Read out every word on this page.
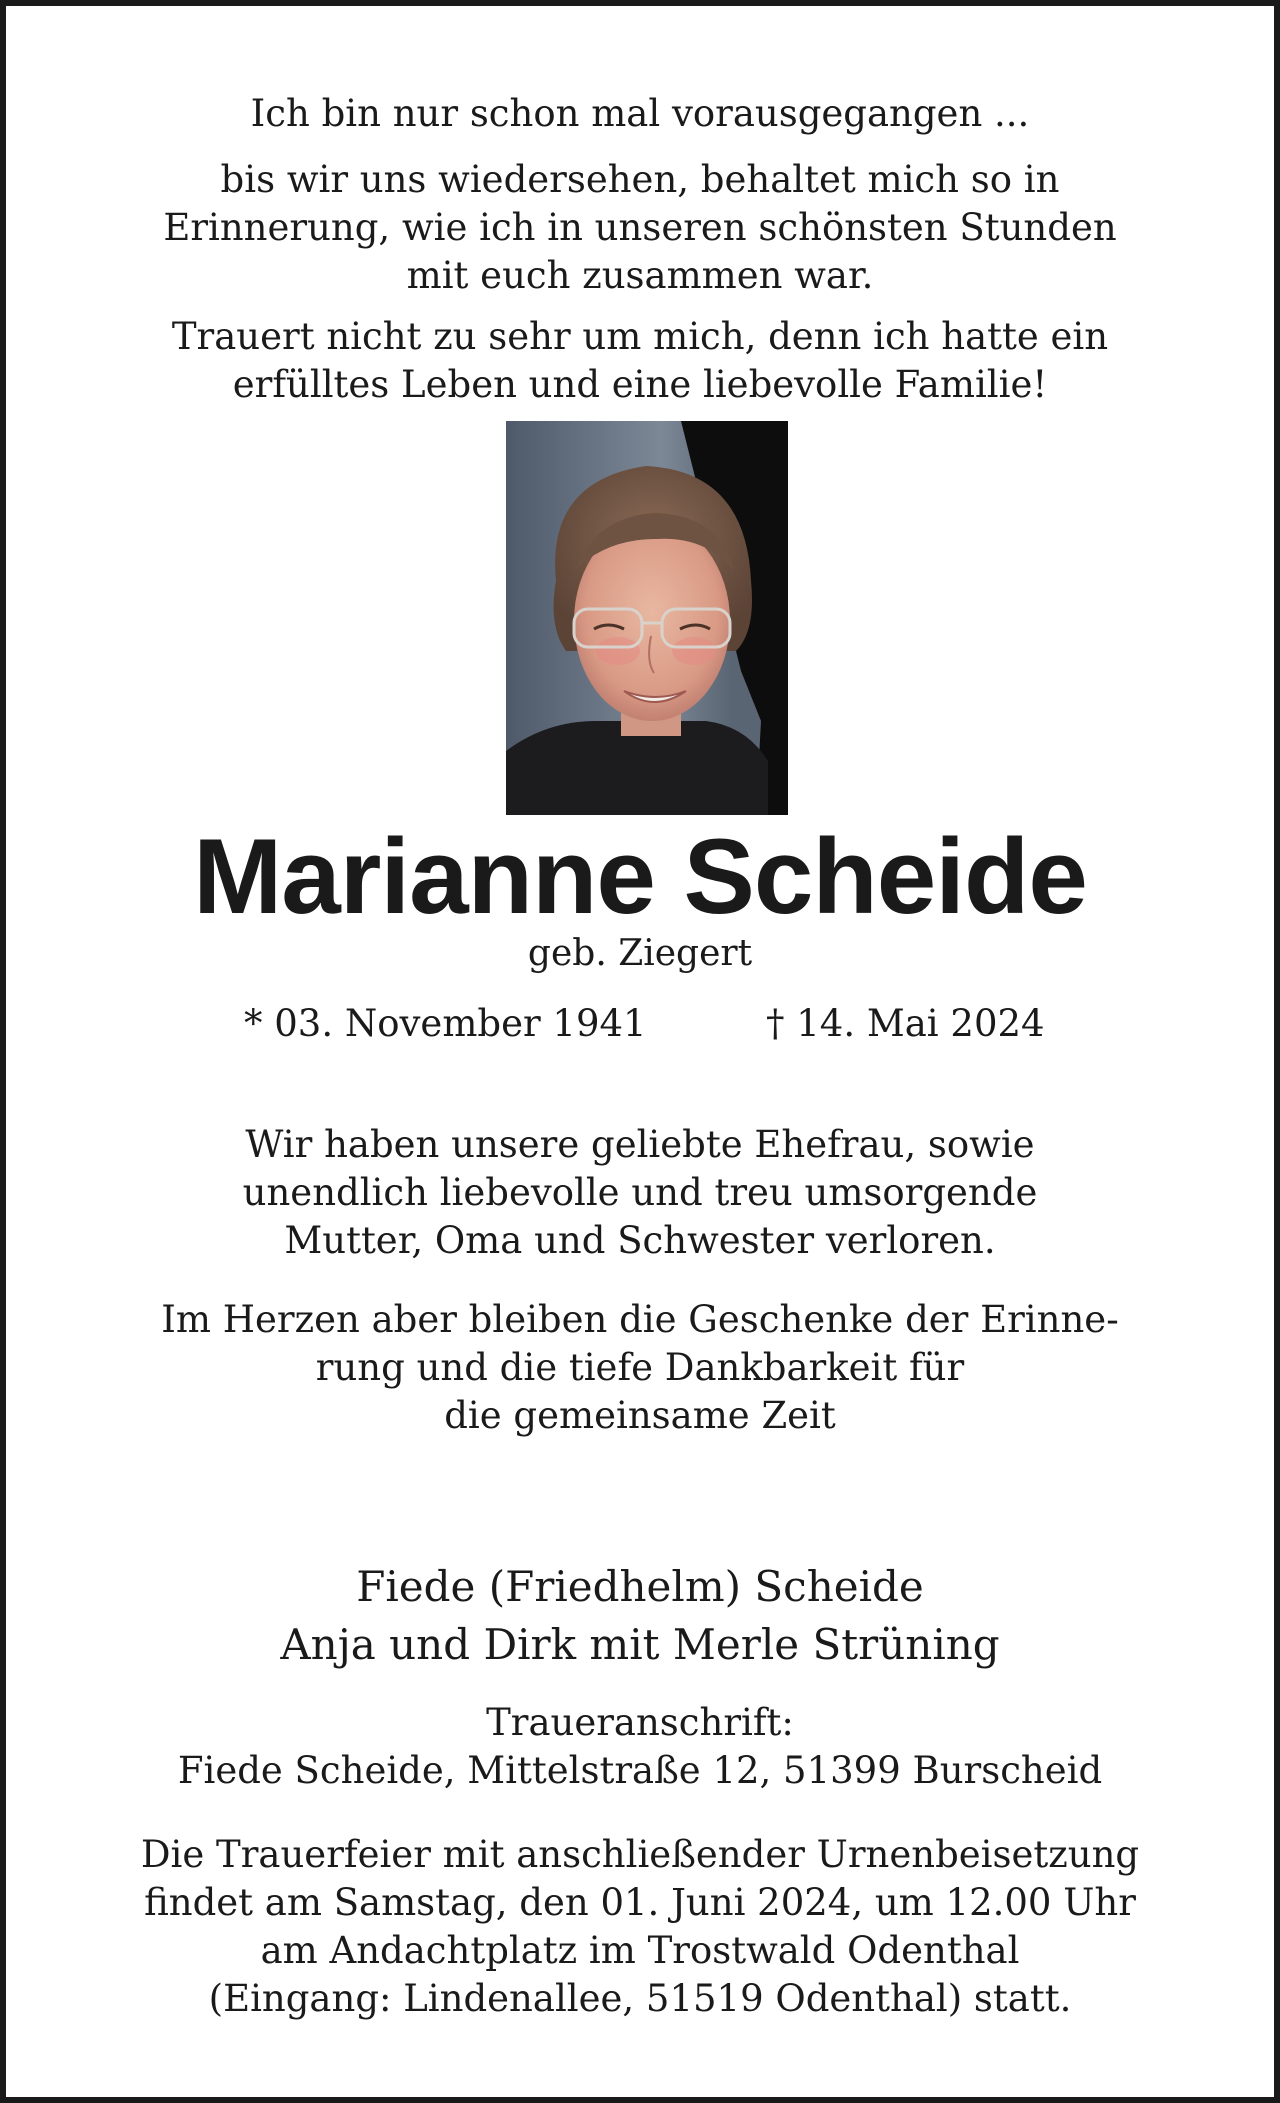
Ich bin nur schon mal vorausgegangen ...

bis wir uns wiedersehen, behaltet mich so in
Erinnerung, wie ich in unseren schönsten Stunden
mit euch zusammen war.

Trauert nicht zu sehr um mich, denn ich hatte ein
erfülltes Leben und eine liebevolle Familie!

Marianne Scheide

geb. Ziegert

* 03. November 1941	† 14. Mai 2024

Wir haben unsere geliebte Ehefrau, sowie
unendlich liebevolle und treu umsorgende
Mutter, Oma und Schwester verloren.

Im Herzen aber bleiben die Geschenke der Erinne-
rung und die tiefe Dankbarkeit für
die gemeinsame Zeit

Fiede (Friedhelm) Scheide
Anja und Dirk mit Merle Strüning

Traueranschrift:
Fiede Scheide, Mittelstraße 12, 51399 Burscheid

Die Trauerfeier mit anschließender Urnenbeisetzung
findet am Samstag, den 01. Juni 2024, um 12.00 Uhr
am Andachtplatz im Trostwald Odenthal
(Eingang: Lindenallee, 51519 Odenthal) statt.
